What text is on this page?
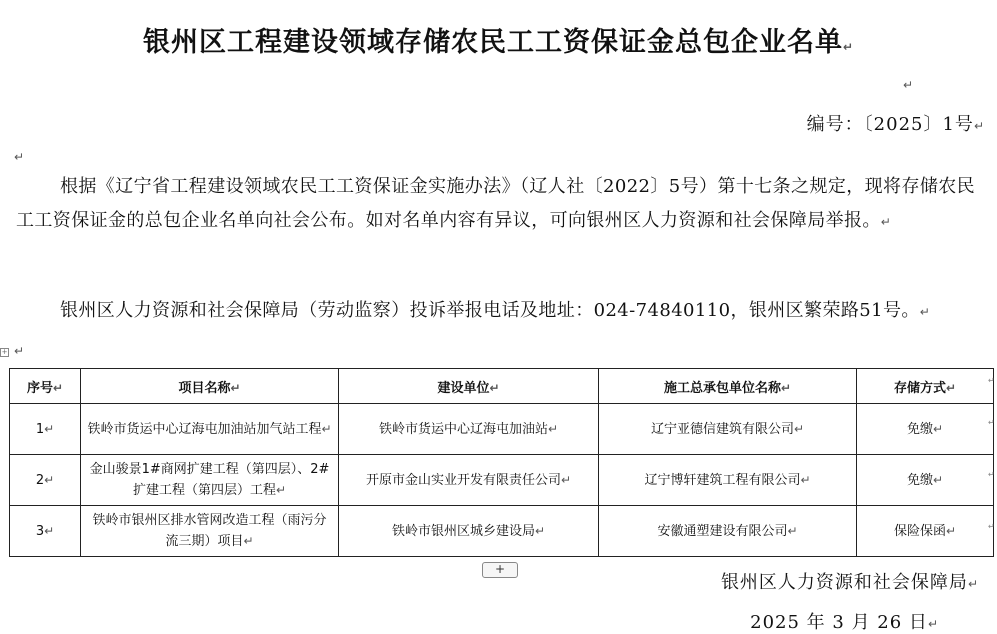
银州区工程建设领域存储农民工工资保证金总包企业名单↵
↵
编号：〔2025〕1号↵
↵
根据《辽宁省工程建设领域农民工工资保证金实施办法》（辽人社〔2022〕5号）第十七条之规定，现将存储农民工工资保证金的总包企业名单向社会公布。如对名单内容有异议，可向银州区人力资源和社会保障局举报。↵
银州区人力资源和社会保障局（劳动监察）投诉举报电话及地址：024-74840110，银州区繁荣路51号。↵
+ ↵
序号↵	项目名称↵	建设单位↵	施工总承包单位名称↵	存储方式↵
1↵	铁岭市货运中心辽海屯加油站加气站工程↵	铁岭市货运中心辽海屯加油站↵	辽宁亚德信建筑有限公司↵	免缴↵
2↵	金山骏景1#商网扩建工程（第四层）、2#扩建工程（第四层）工程↵	开原市金山实业开发有限责任公司↵	辽宁博轩建筑工程有限公司↵	免缴↵
3↵	铁岭市银州区排水管网改造工程（雨污分流三期）项目↵	铁岭市银州区城乡建设局↵	安徽通塑建设有限公司↵	保险保函↵
+
↵
↵
↵
↵
银州区人力资源和社会保障局↵
2025 年 3 月 26 日↵
